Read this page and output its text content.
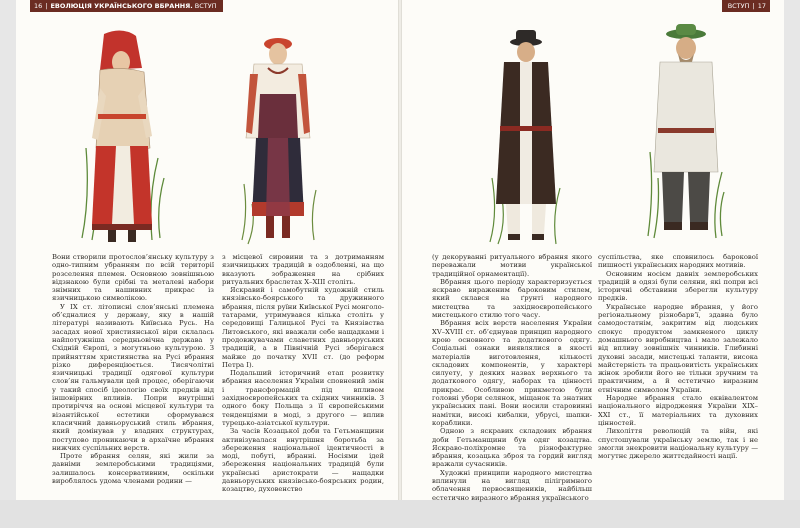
16 | ЕВОЛЮЦІЯ УКРАЇНСЬКОГО ВБРАННЯ. ВСТУП	ВСТУП | 17

Вони створили протослов’янську культуру з одно-типним убранням по всій території розселення племен. Основною зовнішньою відзнакою були срібні та металеві набори знімних та нашивних прикрас із язичницькою символікою.

У IX ст. літописні слов’янські племена об’єдналися у державу, яку в нашій літературі називають Київська Русь. На засадах нової християнської віри склалась найпотужніша середньовічна держава у Східній Європі, з могутньою культурою. З прийняттям християнства на Русі вбрання різко диференціюється. Тисячолітні язичницькі традиції одягової культури слов’ян гальмували цей процес, оберігаючи у такий спосіб ідеологію своїх предків від іншовірних впливів. Попри внутрішні протиріччя на основі місцевої культури та візантійської естетики сформувався класичний давньоруський стиль вбрання, який домінував у владних структурах, поступово проникаючи в архаїчне вбрання нижчих суспільних верств.

Проте вбрання селян, які жили за давніми землеробськими традиціями, залишалось консервативним, оскільки вироблялось удома членами родини —

з місцевої сировини та з дотриманням язичницьких традицій в оздобленні, на що вказують зображення на срібних ритуальних браслетах X–XIII століть.

Яскравий і самобутній художній стиль князівсько-боярського та дружинного вбрання, після руїни Київської Русі монголо-татарами, утримувався кілька століть у середовищі Галицької Русі та Князівства Литовського, які вважали себе нащадками і продовжувачами славетних давньоруських традицій, а в Північній Русі зберігався майже до початку XVII ст. (до реформ Петра І).

Подальший історичний етап розвитку вбрання населення України сповнений змін і трансформацій під впливом західноєвропейських та східних чинників. З одного боку Польща з її європейськими тенденціями в моді, з другого — вплив турецько-азіатської культури.

За часів Козацької доби та Гетьманщини активізувалася внутрішня боротьба за збереження національної ідентичності в моді, побуті, вбранні. Носіями ідей збереження національних традицій були українські аристократи — нащадки давньоруських князівсько-боярських родин, козацтво, духовенство

(у декоруванні ритуального вбрання якого переважали мотиви української традиційної орнаментації).

Вбрання цього періоду характеризується яскраво вираженим бароковим стилем, який склався на ґрунті народного мистецтва та західноєвропейського мистецького стилю того часу.

Вбрання всіх верств населення України XV–XVIII ст. об’єднував принцип народного крою основного та додаткового одягу. Соціальні ознаки виявлялися в якості матеріалів виготовлення, кількості складових компонентів, у характері силуету, у деяких назвах верхнього та додаткового одягу, наборах та цінності прикрас. Особливою прикметою були головні убори селянок, міщанок та знатних українських пані. Вони носили старовинні намітки, високі кибалки, убрусі, шапки-кораблики.

Одною з яскравих складових вбрання доби Гетьманщини був одяг козацтва. Яскраво-поліхромне та різнофактурне вбрання, козацька зброя та гордий вигляд вражали сучасників.

Художні принципи народного мистецтва вплинули на вигляд пілігримного облачення первосвящеників, найбільш естетично виразного вбрання українського

суспільства, яке сповнилось барокової пишності українських народних мотивів.

Основним носієм давніх землеробських традицій в одязі були селяни, які попри всі історичні обставини зберегли культуру предків.

Українське народне вбрання, у його регіональному різнобарв’ї, здавна було самодостатнім, закритим від людських спокус продуктом замкненого циклу домашнього виробництва і мало залежало від впливу зовнішніх чинників. Глибинні духовні засади, мистецькі таланти, висока майстерність та працьовитість українських жінок зробили його не тільки зручним та практичним, а й естетично виразним етнічним символом України.

Народне вбрання стало еквівалентом національного відродження України XIX–XXI ст., її матеріальних та духовних цінностей.

Лихоліття революцій та війн, які спустошували українську землю, так і не змогли знекровити національну культуру — могутнє джерело життєдайності нації.
